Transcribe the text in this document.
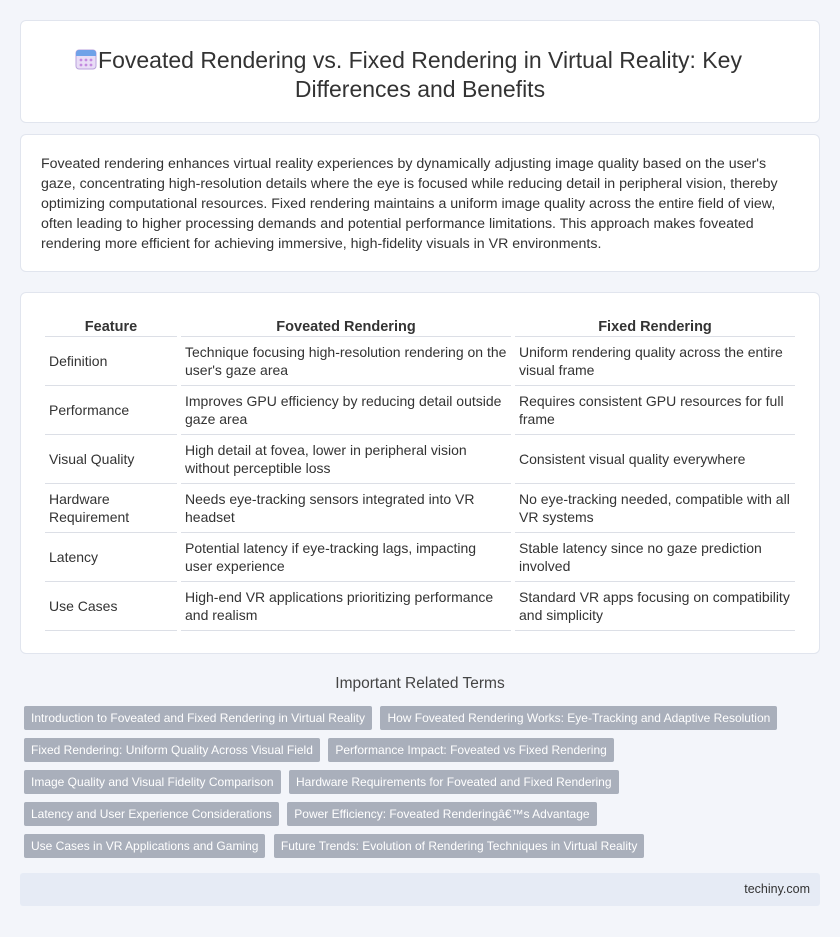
Foveated Rendering vs. Fixed Rendering in Virtual Reality: Key Differences and Benefits

Foveated rendering enhances virtual reality experiences by dynamically adjusting image quality based on the user's gaze, concentrating high-resolution details where the eye is focused while reducing detail in peripheral vision, thereby optimizing computational resources. Fixed rendering maintains a uniform image quality across the entire field of view, often leading to higher processing demands and potential performance limitations. This approach makes foveated rendering more efficient for achieving immersive, high-fidelity visuals in VR environments.

Feature	Foveated Rendering	Fixed Rendering
Definition	Technique focusing high-resolution rendering on the user's gaze area	Uniform rendering quality across the entire visual frame
Performance	Improves GPU efficiency by reducing detail outside gaze area	Requires consistent GPU resources for full frame
Visual Quality	High detail at fovea, lower in peripheral vision without perceptible loss	Consistent visual quality everywhere
Hardware Requirement	Needs eye-tracking sensors integrated into VR headset	No eye-tracking needed, compatible with all VR systems
Latency	Potential latency if eye-tracking lags, impacting user experience	Stable latency since no gaze prediction involved
Use Cases	High-end VR applications prioritizing performance and realism	Standard VR apps focusing on compatibility and simplicity
Important Related Terms
Introduction to Foveated and Fixed Rendering in Virtual Reality How Foveated Rendering Works: Eye-Tracking and Adaptive Resolution
Fixed Rendering: Uniform Quality Across Visual Field Performance Impact: Foveated vs Fixed Rendering
Image Quality and Visual Fidelity Comparison Hardware Requirements for Foveated and Fixed Rendering
Latency and User Experience Considerations Power Efficiency: Foveated Renderingâ€™s Advantage
Use Cases in VR Applications and Gaming Future Trends: Evolution of Rendering Techniques in Virtual Reality
techiny.com
